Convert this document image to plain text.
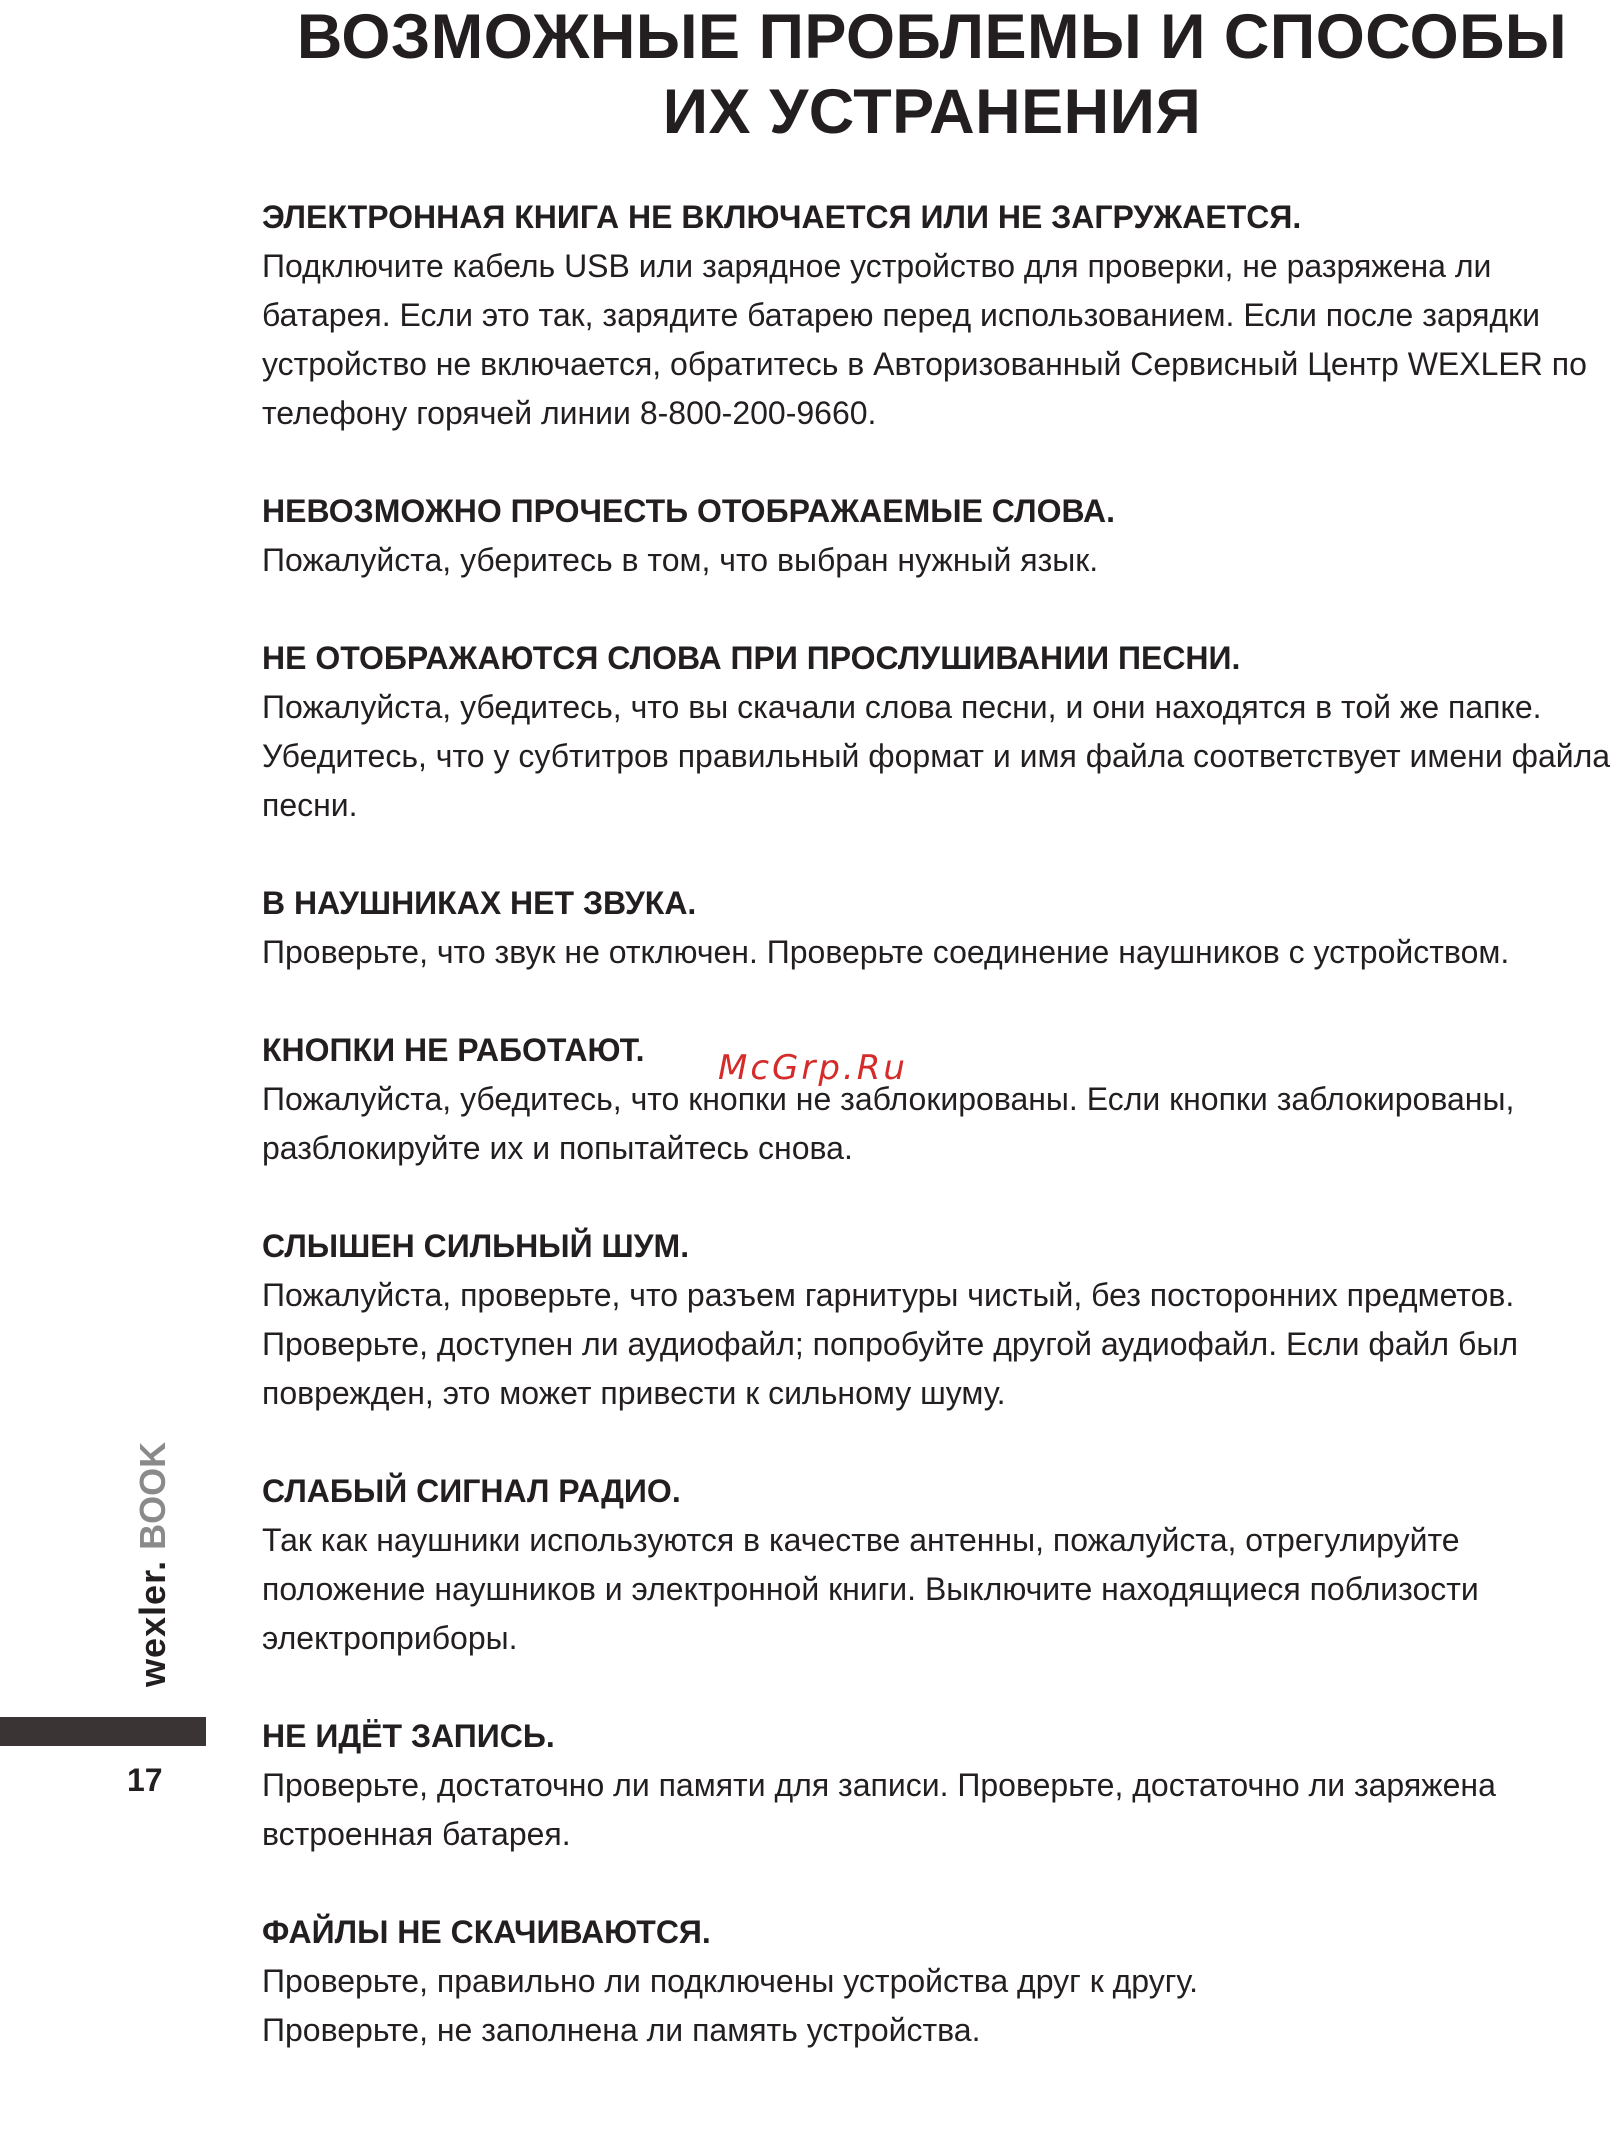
ВОЗМОЖНЫЕ ПРОБЛЕМЫ И СПОСОБЫ
ИХ УСТРАНЕНИЯ
ЭЛЕКТРОННАЯ КНИГА НЕ ВКЛЮЧАЕТСЯ ИЛИ НЕ ЗАГРУЖАЕТСЯ.

Подключите кабель USB или зарядное устройство для проверки, не разряжена ли батарея. Если это так, зарядите батарею перед использованием. Если после зарядки устройство не включается, обратитесь в Авторизованный Сервисный Центр WEXLER по телефону горячей линии 8-800-200-9660.

НЕВОЗМОЖНО ПРОЧЕСТЬ ОТОБРАЖАЕМЫЕ СЛОВА.

Пожалуйста, уберитесь в том, что выбран нужный язык.

НЕ ОТОБРАЖАЮТСЯ СЛОВА ПРИ ПРОСЛУШИВАНИИ ПЕСНИ.

Пожалуйста, убедитесь, что вы скачали слова песни, и они находятся в той же папке. Убедитесь, что у субтитров правильный формат и имя файла соответствует имени файла песни.

В НАУШНИКАХ НЕТ ЗВУКА.

Проверьте, что звук не отключен. Проверьте соединение наушников с устройством.

КНОПКИ НЕ РАБОТАЮТ.

Пожалуйста, убедитесь, что кнопки не заблокированы. Если кнопки заблокированы, разблокируйте их и попытайтесь снова.

СЛЫШЕН СИЛЬНЫЙ ШУМ.

Пожалуйста, проверьте, что разъем гарнитуры чистый, без посторонних предметов.

Проверьте, доступен ли аудиофайл; попробуйте другой аудиофайл. Если файл был поврежден, это может привести к сильному шуму.

СЛАБЫЙ СИГНАЛ РАДИО.

Так как наушники используются в качестве антенны, пожалуйста, отрегулируйте положение наушников и электронной книги. Выключите находящиеся поблизости электроприборы.

НЕ ИДЁТ ЗАПИСЬ.

Проверьте, достаточно ли памяти для записи. Проверьте, достаточно ли заряжена встроенная батарея.

ФАЙЛЫ НЕ СКАЧИВАЮТСЯ.

Проверьте, правильно ли подключены устройства друг к другу.

Проверьте, не заполнена ли память устройства.

McGrp.Ru
wexler. BOOK
17
